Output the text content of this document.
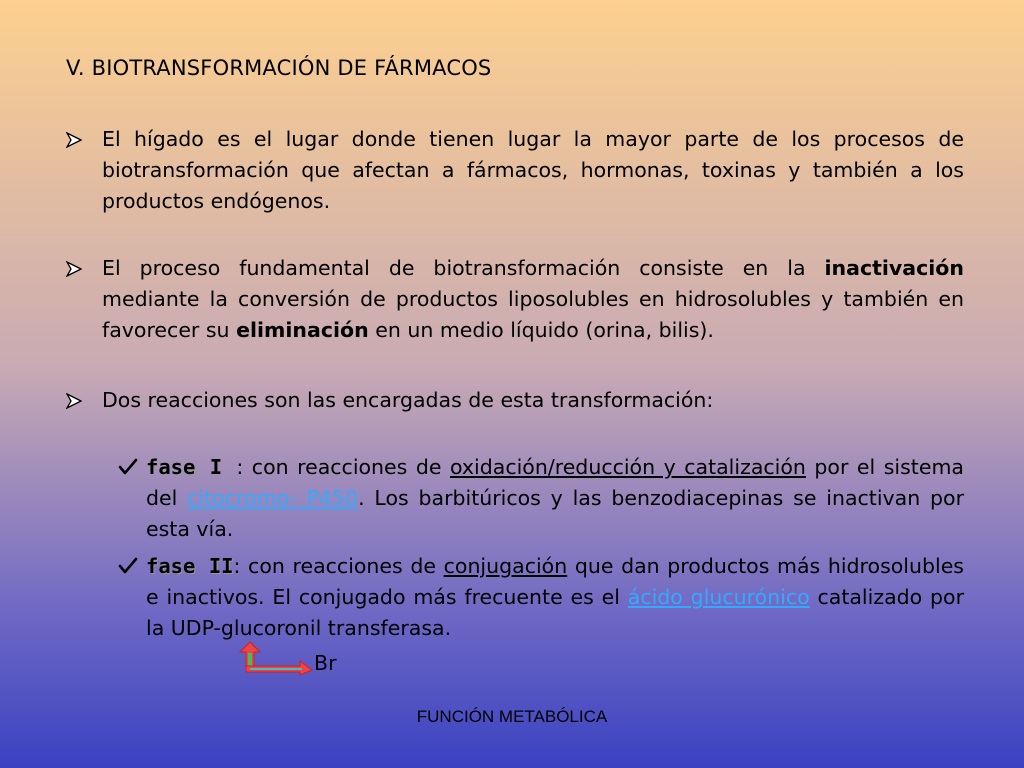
V. BIOTRANSFORMACIÓN DE FÁRMACOS
El hígado es el lugar donde tienen lugar la mayor parte de los procesos de biotransformación que afectan a fármacos, hormonas, toxinas y también a los productos endógenos.
El proceso fundamental de biotransformación consiste en la inactivación mediante la conversión de productos liposolubles en hidrosolubles y también en favorecer su eliminación en un medio líquido (orina, bilis).
Dos reacciones son las encargadas de esta transformación:
fase I : con reacciones de oxidación/reducción y catalización por el sistema del citocromo- P450. Los barbitúricos y las benzodiacepinas se inactivan por esta vía.
fase II: con reacciones de conjugación que dan productos más hidrosolubles e inactivos. El conjugado más frecuente es el ácido glucurónico catalizado por la UDP-glucoronil transferasa.
Br
FUNCIÓN METABÓLICA
